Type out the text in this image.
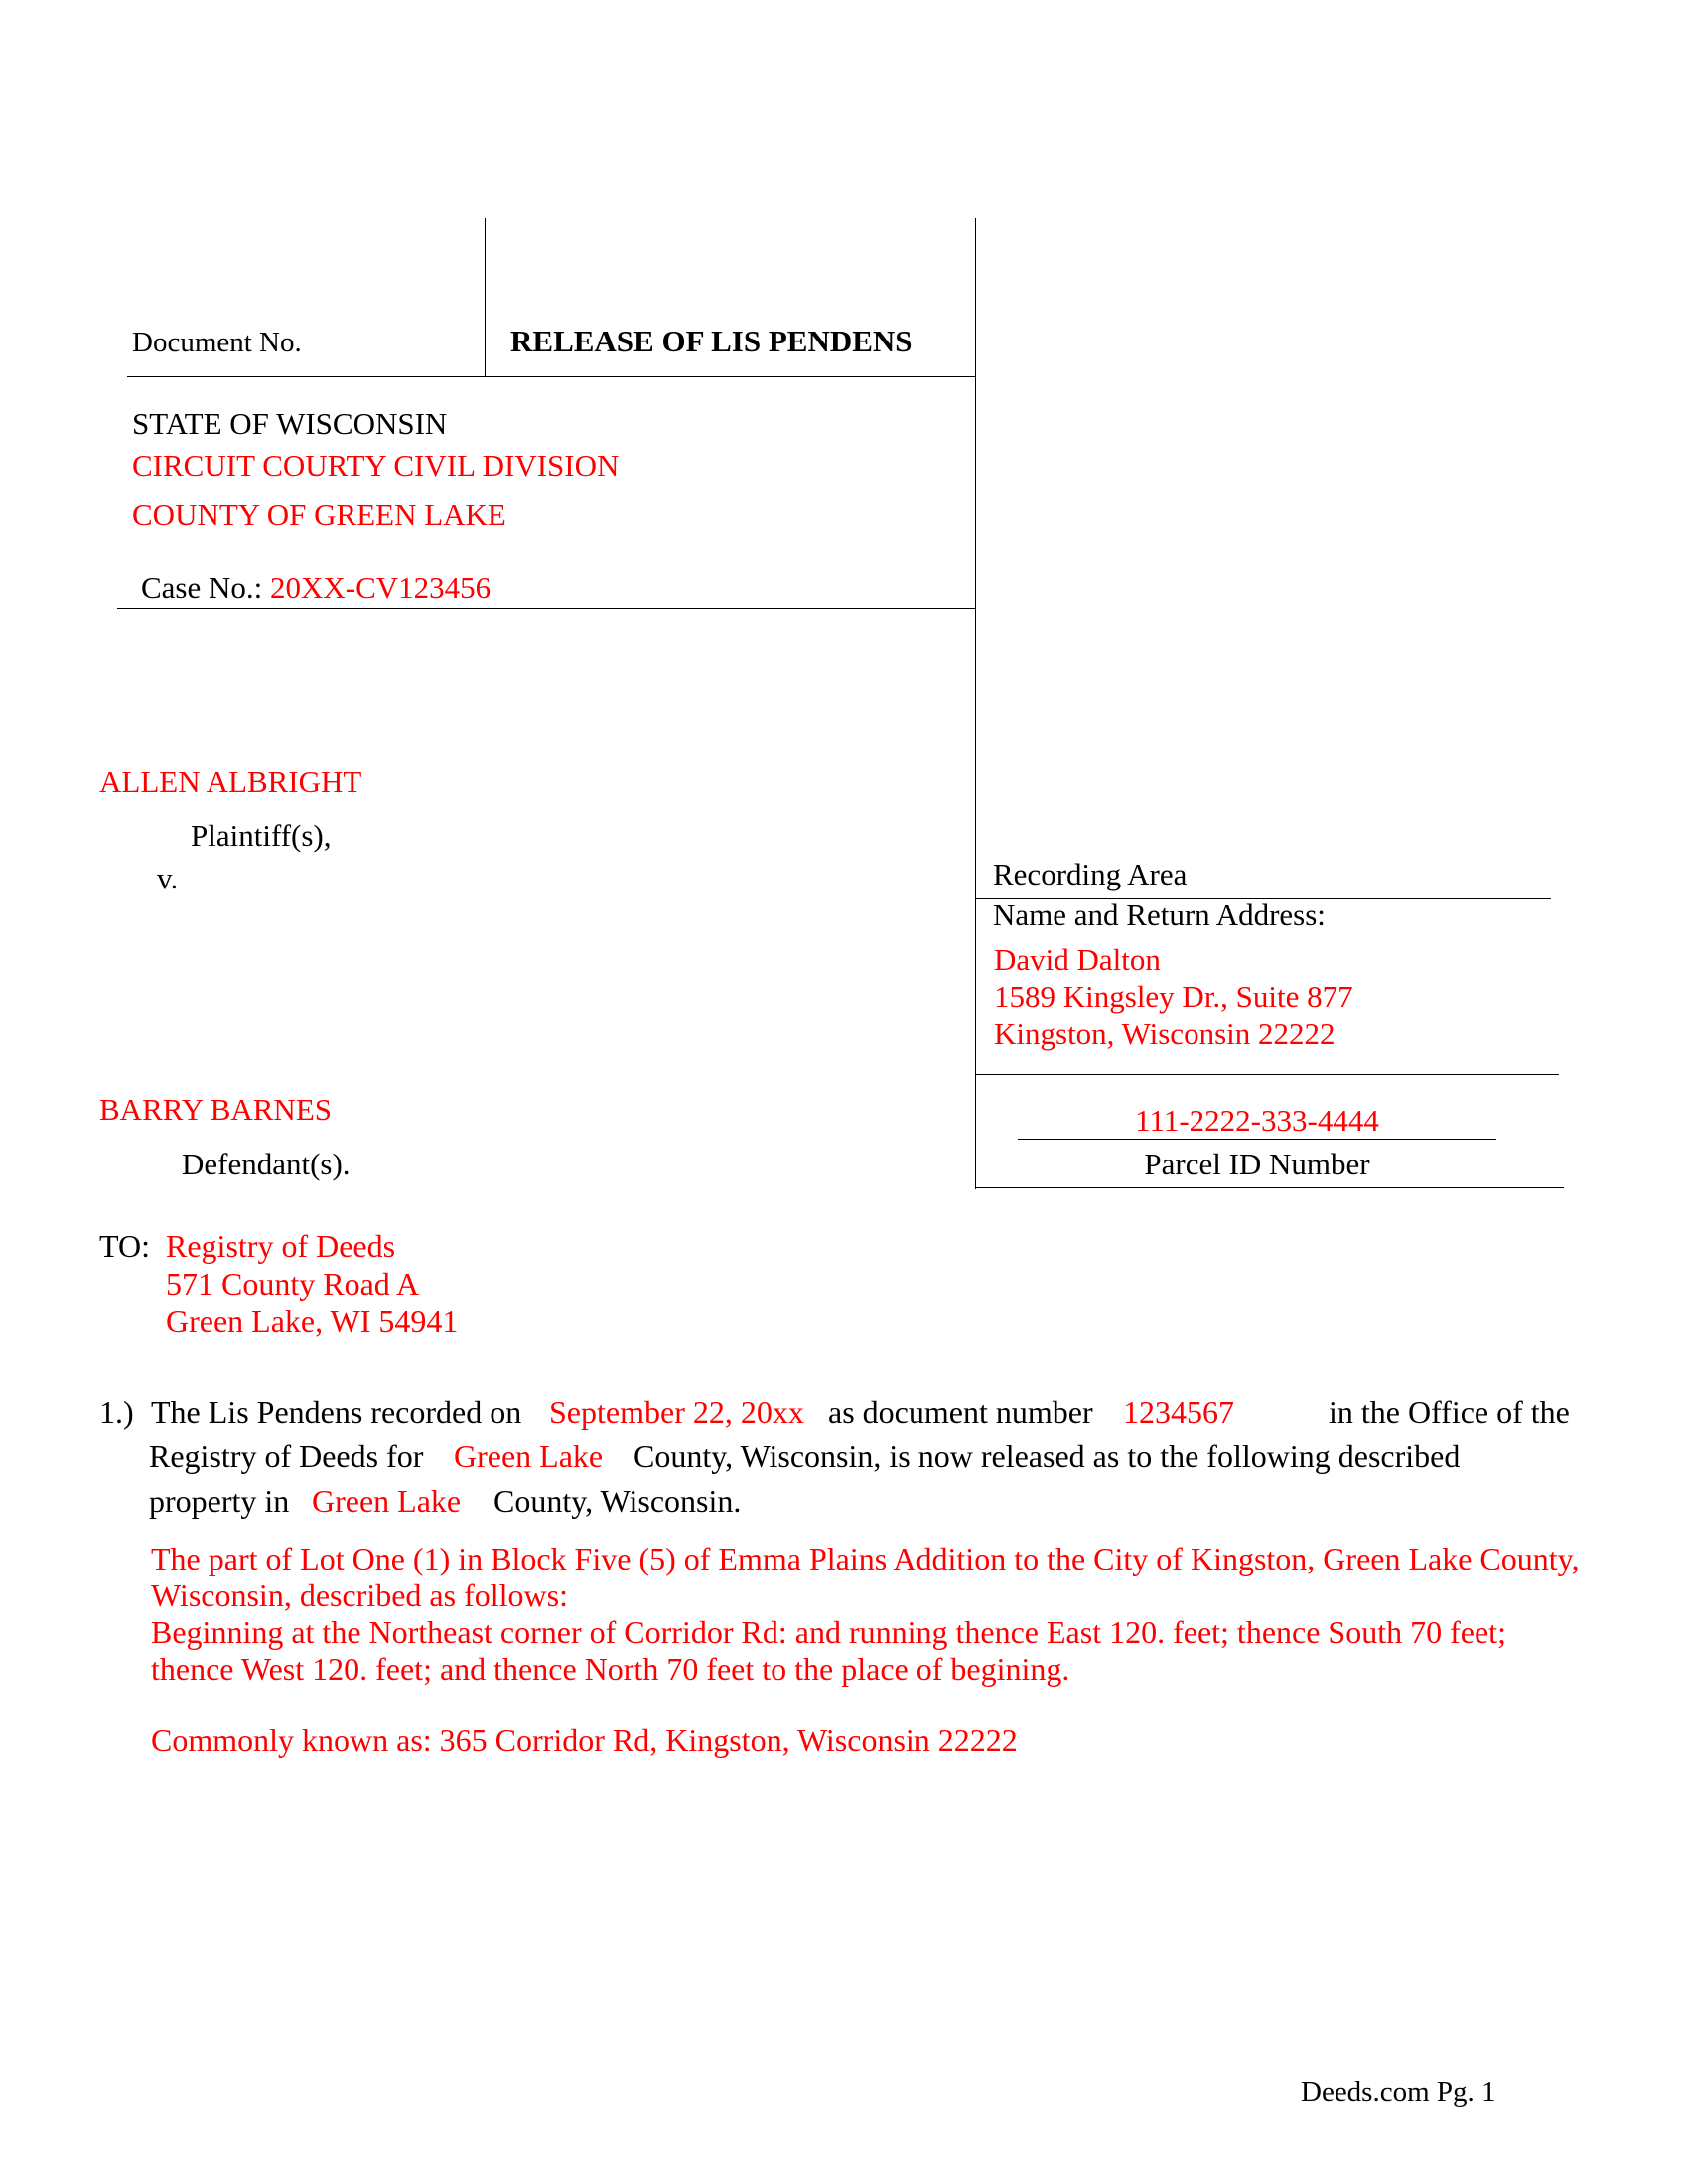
Document No.	RELEASE OF LIS PENDENS
STATE OF WISCONSIN
CIRCUIT COURTY CIVIL DIVISION
COUNTY OF GREEN LAKE
Case No.: 20XX-CV123456
ALLEN ALBRIGHT
Plaintiff(s),
v.
BARRY BARNES
Defendant(s).
Recording Area
Name and Return Address:
David Dalton
1589 Kingsley Dr., Suite 877
Kingston, Wisconsin 22222
111-2222-333-4444
Parcel ID Number
TO: Registry of Deeds
571 County Road A
Green Lake, WI 54941
1.) The Lis Pendens recorded on September 22, 20xx as document number 1234567	in the Office of the
Registry of Deeds for Green Lake County, Wisconsin, is now released as to the following described
property in Green Lake County, Wisconsin.
The part of Lot One (1) in Block Five (5) of Emma Plains Addition to the City of Kingston, Green Lake County, Wisconsin, described as follows:
Beginning at the Northeast corner of Corridor Rd: and running thence East 120. feet; thence South 70 feet; thence West 120. feet; and thence North 70 feet to the place of begining.
Commonly known as: 365 Corridor Rd, Kingston, Wisconsin 22222
Deeds.com Pg. 1
